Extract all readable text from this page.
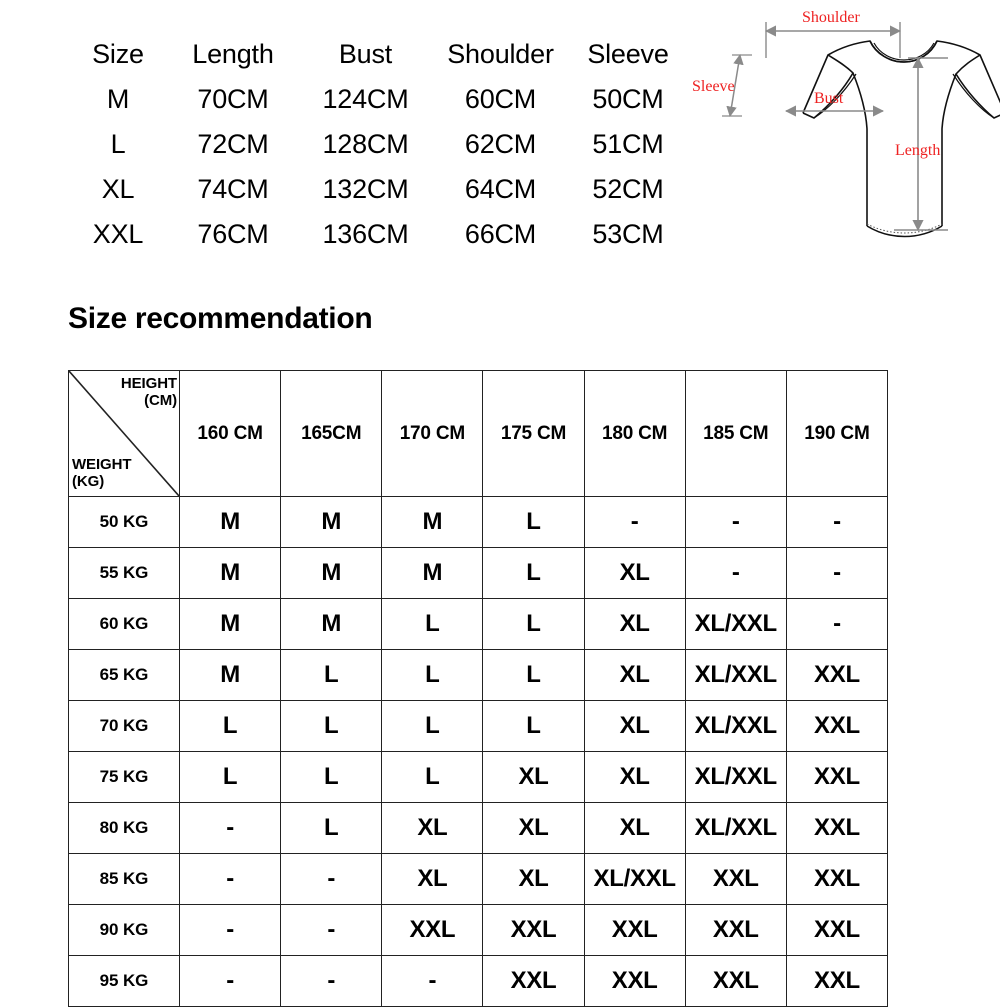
Size	Length	Bust	Shoulder	Sleeve
M	70CM	124CM	60CM	50CM
L	72CM	128CM	62CM	51CM
XL	74CM	132CM	64CM	52CM
XXL	76CM	136CM	66CM	53CM
Shoulder
Sleeve
Bust
Length
Size recommendation
HEIGHT
(CM)
WEIGHT
(KG)	160 CM	165CM	170 CM	175 CM	180 CM	185 CM	190 CM
50 KG	M	M	M	L	-	-	-
55 KG	M	M	M	L	XL	-	-
60 KG	M	M	L	L	XL	XL/XXL	-
65 KG	M	L	L	L	XL	XL/XXL	XXL
70 KG	L	L	L	L	XL	XL/XXL	XXL
75 KG	L	L	L	XL	XL	XL/XXL	XXL
80 KG	-	L	XL	XL	XL	XL/XXL	XXL
85 KG	-	-	XL	XL	XL/XXL	XXL	XXL
90 KG	-	-	XXL	XXL	XXL	XXL	XXL
95 KG	-	-	-	XXL	XXL	XXL	XXL
